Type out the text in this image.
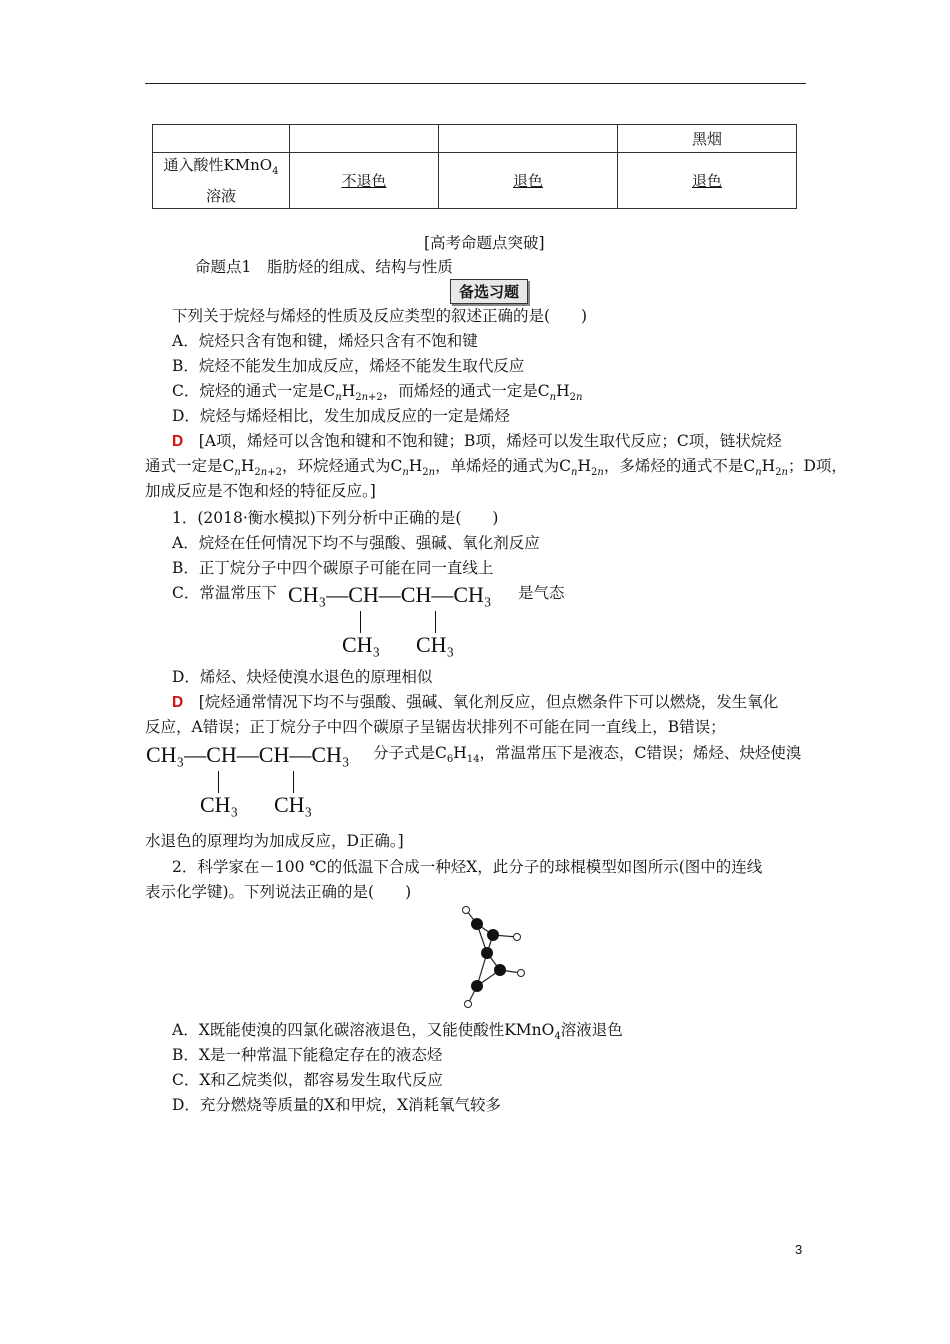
			黑烟
通入酸性KMnO$_4$
溶液	不退色	退色	退色
[高考命题点突破]
命题点1　脂肪烃的组成、结构与性质
备选习题
下列关于烷烃与烯烃的性质及反应类型的叙述正确的是(　　)
A．烷烃只含有饱和键，烯烃只含有不饱和键
B．烷烃不能发生加成反应，烯烃不能发生取代反应
C．烷烃的通式一定是$C_nH_{2n+2}$，而烯烃的通式一定是$C_nH_{2n}$
D．烷烃与烯烃相比，发生加成反应的一定是烯烃
D　 [A项，烯烃可以含饱和键和不饱和键；B项，烯烃可以发生取代反应；C项，链状烷烃
通式一定是$C_nH_{2n+2}$，环烷烃通式为$C_nH_{2n}$，单烯烃的通式为$C_nH_{2n}$，多烯烃的通式不是$C_nH_{2n}$；D项，
加成反应是不饱和烃的特征反应。]
1．(2018·衡水模拟)下列分析中正确的是(　　)
A．烷烃在任何情况下均不与强酸、强碱、氧化剂反应
B．正丁烷分子中四个碳原子可能在同一直线上
C．常温常压下 CH₃—CH—CH—CH₃
CH₃ CH₃
是气态
D．烯烃、炔烃使溴水退色的原理相似
D　 [烷烃通常情况下均不与强酸、强碱、氧化剂反应，但点燃条件下可以燃烧，发生氧化
反应，A错误；正丁烷分子中四个碳原子呈锯齿状排列不可能在同一直线上，B错误；
CH₃—CH—CH—CH₃
CH₃ CH₃
分子式是$C_6H_{14}$，常温常压下是液态，C错误；烯烃、炔烃使溴
水退色的原理均为加成反应，D正确。]
2．科学家在－100 ℃的低温下合成一种烃X，此分子的球棍模型如图所示(图中的连线
表示化学键)。下列说法正确的是(　　)
A．X既能使溴的四氯化碳溶液退色，又能使酸性KMnO$_4$溶液退色
B．X是一种常温下能稳定存在的液态烃
C．X和乙烷类似，都容易发生取代反应
D．充分燃烧等质量的X和甲烷，X消耗氧气较多
3
